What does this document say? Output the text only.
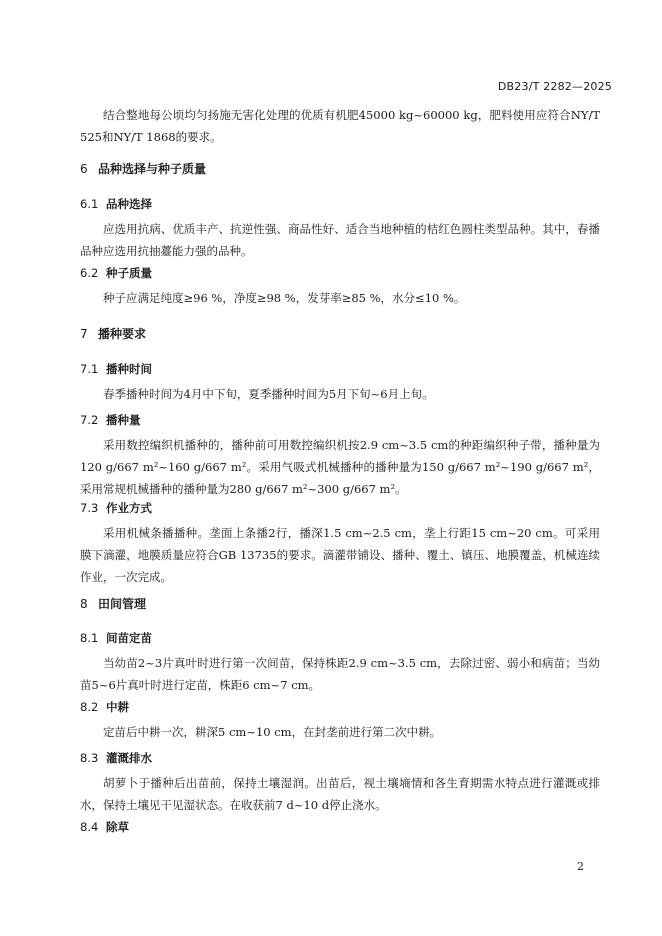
DB23/T 2282—2025

结合整地每公顷均匀扬施无害化处理的优质有机肥45000 kg~60000 kg，肥料使用应符合NY/T 525和NY/T 1868的要求。

6 品种选择与种子质量
6.1 品种选择

应选用抗病、优质丰产、抗逆性强、商品性好、适合当地种植的桔红色圆柱类型品种。其中，春播品种应选用抗抽薹能力强的品种。

6.2 种子质量

种子应满足纯度≥96 %，净度≥98 %，发芽率≥85 %，水分≤10 %。

7 播种要求
7.1 播种时间

春季播种时间为4月中下旬，夏季播种时间为5月下旬~6月上旬。

7.2 播种量

采用数控编织机播种的，播种前可用数控编织机按2.9 cm~3.5 cm的种距编织种子带，播种量为120 g/667 m²~160 g/667 m²。采用气吸式机械播种的播种量为150 g/667 m²~190 g/667 m²，采用常规机械播种的播种量为280 g/667 m²~300 g/667 m²。

7.3 作业方式

采用机械条播播种。垄面上条播2行，播深1.5 cm~2.5 cm，垄上行距15 cm~20 cm。可采用膜下滴灌，地膜质量应符合GB 13735的要求。滴灌带铺设、播种、覆土、镇压、地膜覆盖，机械连续作业，一次完成。

8 田间管理
8.1 间苗定苗

当幼苗2~3片真叶时进行第一次间苗，保持株距2.9 cm~3.5 cm，去除过密、弱小和病苗；当幼苗5~6片真叶时进行定苗，株距6 cm~7 cm。

8.2 中耕

定苗后中耕一次，耕深5 cm~10 cm，在封垄前进行第二次中耕。

8.3 灌溉排水

胡萝卜于播种后出苗前，保持土壤湿润。出苗后，视土壤墒情和各生育期需水特点进行灌溉或排水，保持土壤见干见湿状态。在收获前7 d~10 d停止浇水。

8.4 除草
2
